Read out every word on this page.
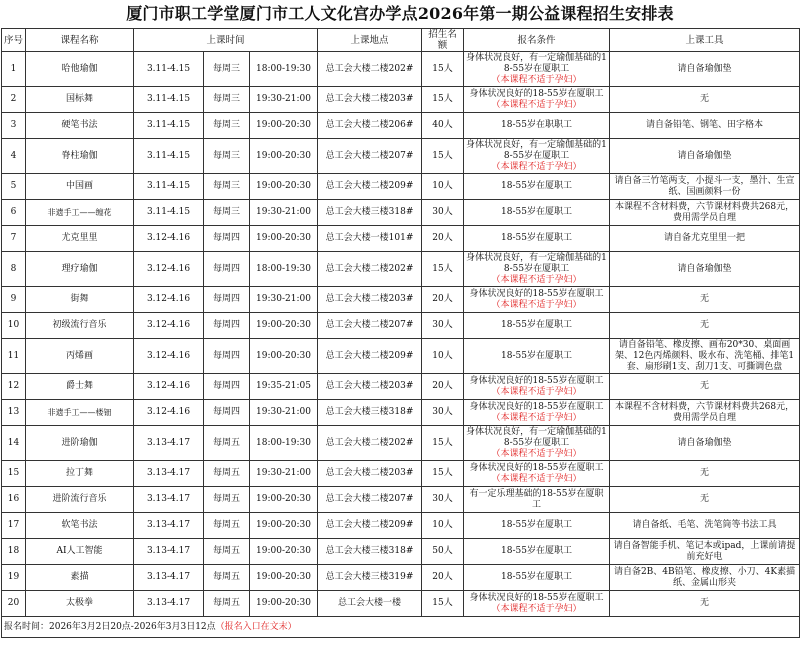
厦门市职工学堂厦门市工人文化宫办学点2026年第一期公益课程招生安排表
序号	课程名称	上课时间			上课地点	招生名额	报名条件	上课工具
1	哈他瑜伽	3.11-4.15	每周三	18:00-19:30	总工会大楼二楼202#	15人	身体状况良好，有一定瑜伽基础的18-55岁在厦职工
（本课程不适于孕妇）	请自备瑜伽垫
2	国标舞	3.11-4.15	每周三	19:30-21:00	总工会大楼二楼203#	15人	身体状况良好的18-55岁在厦职工
（本课程不适于孕妇）	无
3	硬笔书法	3.11-4.15	每周三	19:00-20:30	总工会大楼二楼206#	40人	18-55岁在职职工	请自备铅笔、钢笔、田字格本
4	脊柱瑜伽	3.11-4.15	每周三	19:00-20:30	总工会大楼二楼207#	15人	身体状况良好，有一定瑜伽基础的18-55岁在厦职工
（本课程不适于孕妇）	请自备瑜伽垫
5	中国画	3.11-4.15	每周三	19:00-20:30	总工会大楼二楼209#	10人	18-55岁在厦职工	请自备三竹笔两支，小提斗一支，墨汁、生宣纸、国画颜料一份
6	非遗手工——缠花	3.11-4.15	每周三	19:30-21:00	总工会大楼三楼318#	30人	18-55岁在厦职工	本课程不含材料费，六节课材料费共268元，费用需学员自理
7	尤克里里	3.12-4.16	每周四	19:00-20:30	总工会大楼一楼101#	20人	18-55岁在厦职工	请自备尤克里里一把
8	理疗瑜伽	3.12-4.16	每周四	18:00-19:30	总工会大楼二楼202#	15人	身体状况良好，有一定瑜伽基础的18-55岁在厦职工
（本课程不适于孕妇）	请自备瑜伽垫
9	街舞	3.12-4.16	每周四	19:30-21:00	总工会大楼二楼203#	20人	身体状况良好的18-55岁在厦职工
（本课程不适于孕妇）	无
10	初级流行音乐	3.12-4.16	每周四	19:00-20:30	总工会大楼二楼207#	30人	18-55岁在厦职工	无
11	丙烯画	3.12-4.16	每周四	19:00-20:30	总工会大楼二楼209#	10人	18-55岁在厦职工	请自备铅笔、橡皮擦、画布20*30、桌面画架、12色丙烯颜料、吸水布、洗笔桶、排笔1套、扇形刷1支、刮刀1支、可撕调色盘
12	爵士舞	3.12-4.16	每周四	19:35-21:05	总工会大楼二楼203#	20人	身体状况良好的18-55岁在厦职工
（本课程不适于孕妇）	无
13	非遗手工——楼钿	3.12-4.16	每周四	19:30-21:00	总工会大楼三楼318#	30人	身体状况良好的18-55岁在厦职工
（本课程不适于孕妇）	本课程不含材料费，六节课材料费共268元，费用需学员自理
14	进阶瑜伽	3.13-4.17	每周五	18:00-19:30	总工会大楼二楼202#	15人	身体状况良好，有一定瑜伽基础的18-55岁在厦职工
（本课程不适于孕妇）	请自备瑜伽垫
15	拉丁舞	3.13-4.17	每周五	19:30-21:00	总工会大楼二楼203#	15人	身体状况良好的18-55岁在厦职工
（本课程不适于孕妇）	无
16	进阶流行音乐	3.13-4.17	每周五	19:00-20:30	总工会大楼二楼207#	30人	有一定乐理基础的18-55岁在厦职工	无
17	软笔书法	3.13-4.17	每周五	19:00-20:30	总工会大楼二楼209#	10人	18-55岁在厦职工	请自备纸、毛笔、洗笔筒等书法工具
18	AI人工智能	3.13-4.17	每周五	19:00-20:30	总工会大楼三楼318#	50人	18-55岁在厦职工	请自备智能手机、笔记本或ipad，上课前请提前充好电
19	素描	3.13-4.17	每周五	19:00-20:30	总工会大楼三楼319#	20人	18-55岁在厦职工	请自备2B、4B铅笔、橡皮擦、小刀、4K素描纸、金属山形夹
20	太极拳	3.13-4.17	每周五	19:00-20:30	总工会大楼一楼	15人	身体状况良好的18-55岁在厦职工
（本课程不适于孕妇）	无
报名时间：2026年3月2日20点-2026年3月3日12点（报名入口在文末）								
